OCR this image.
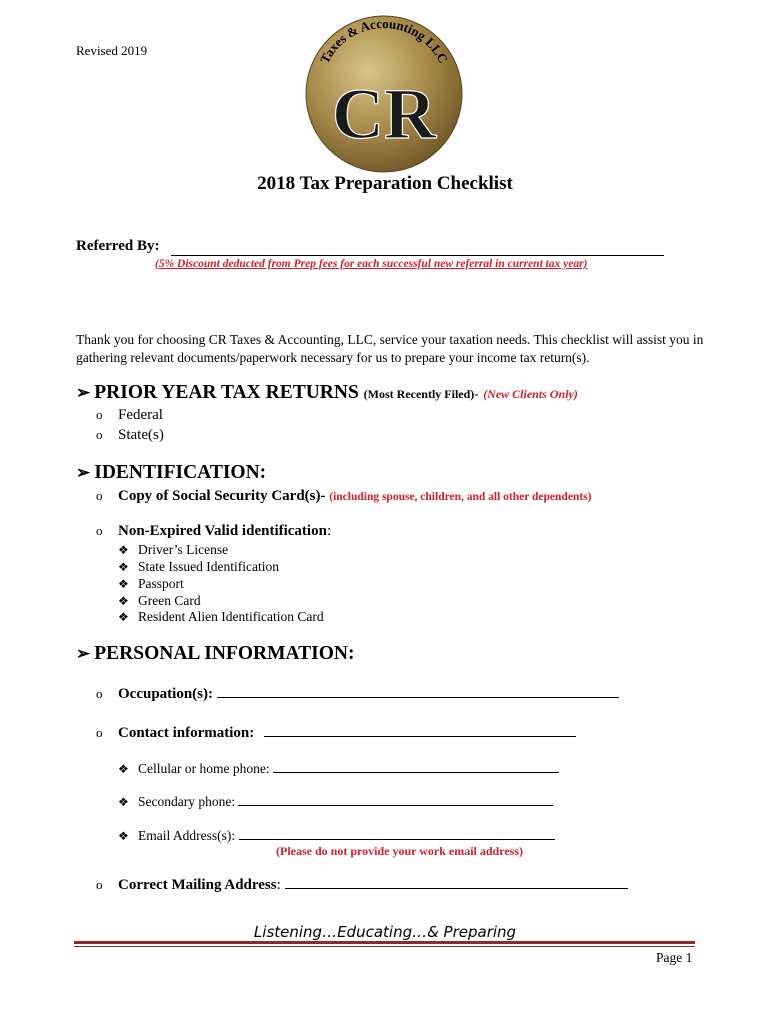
Revised 2019
Taxes & Accounting LLC
CR
2018 Tax Preparation Checklist
Referred By:
(5% Discount deducted from Prep fees for each successful new referral in current tax year)
Thank you for choosing CR Taxes & Accounting, LLC, service your taxation needs. This checklist will assist you in gathering relevant documents/paperwork necessary for us to prepare your income tax return(s).
➢ PRIOR YEAR TAX RETURNS (Most Recently Filed)- (New Clients Only)
o Federal
o State(s)
➢ IDENTIFICATION:
o Copy of Social Security Card(s)- (including spouse, children, and all other dependents)
o Non-Expired Valid identification:
❖ Driver’s License
❖ State Issued Identification
❖ Passport
❖ Green Card
❖ Resident Alien Identification Card
➢ PERSONAL INFORMATION:
o Occupation(s):
o Contact information:
❖ Cellular or home phone:
❖ Secondary phone:
❖ Email Address(s):
(Please do not provide your work email address)
o Correct Mailing Address:
Listening…Educating…& Preparing
Page 1
